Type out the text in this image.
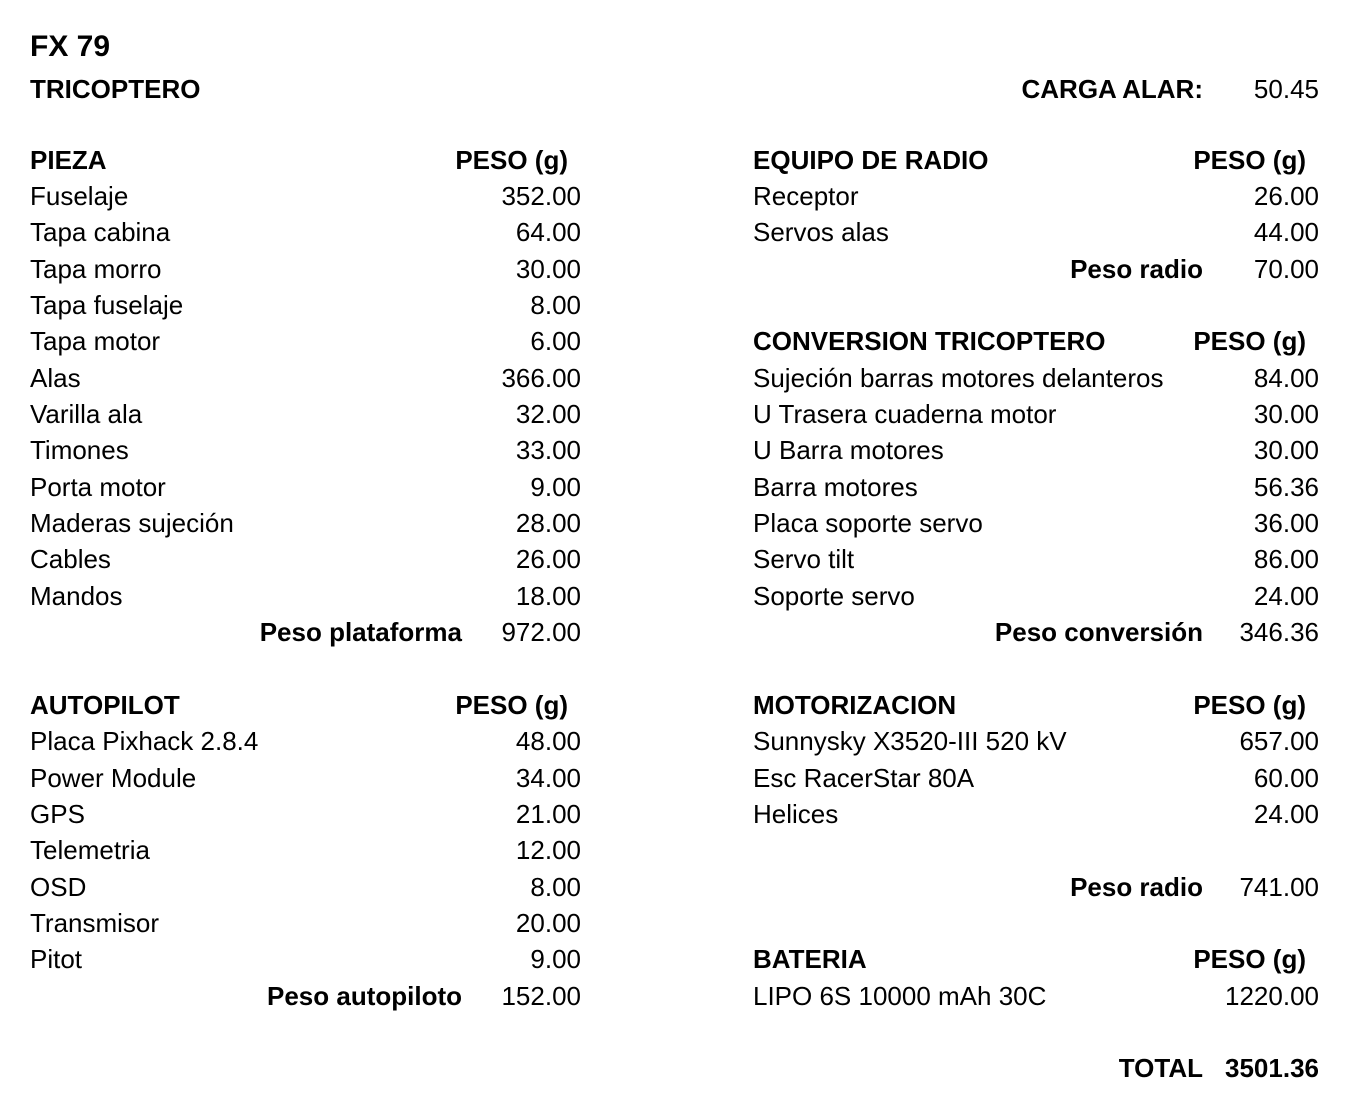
FX 79
TRICOPTERO	CARGA ALAR:	50.45
PIEZA	PESO (g)
Fuselaje	352.00
Tapa cabina	64.00
Tapa morro	30.00
Tapa fuselaje	8.00
Tapa motor	6.00
Alas	366.00
Varilla ala	32.00
Timones	33.00
Porta motor	9.00
Maderas sujeción	28.00
Cables	26.00
Mandos	18.00
Peso plataforma	972.00
AUTOPILOT	PESO (g)
Placa Pixhack 2.8.4	48.00
Power Module	34.00
GPS	21.00
Telemetria	12.00
OSD	8.00
Transmisor	20.00
Pitot	9.00
Peso autopiloto	152.00
EQUIPO DE RADIO	PESO (g)
Receptor	26.00
Servos alas	44.00
Peso radio	70.00
CONVERSION TRICOPTERO	PESO (g)
Sujeción barras motores delanteros	84.00
U Trasera cuaderna motor	30.00
U Barra motores	30.00
Barra motores	56.36
Placa soporte servo	36.00
Servo tilt	86.00
Soporte servo	24.00
Peso conversión	346.36
MOTORIZACION	PESO (g)
Sunnysky X3520-III 520 kV	657.00
Esc RacerStar 80A	60.00
Helices	24.00
Peso radio	741.00
BATERIA	PESO (g)
LIPO 6S 10000 mAh 30C	1220.00
TOTAL 3501.36
